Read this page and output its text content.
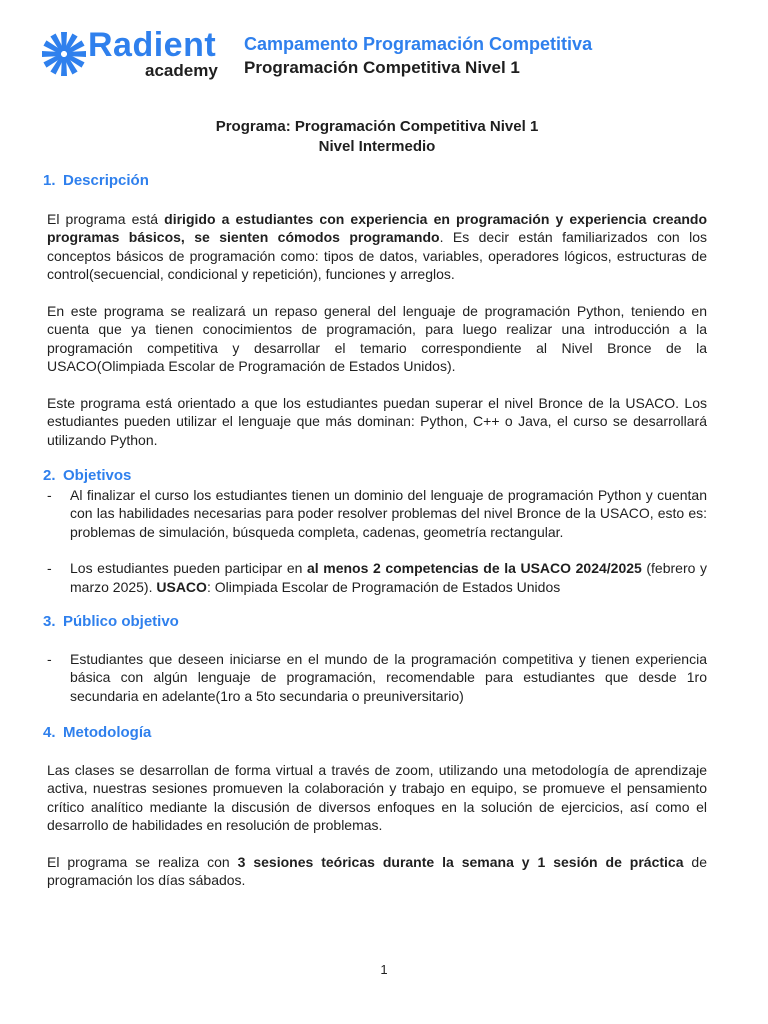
Radient
academy
Campamento Programación Competitiva
Programación Competitiva Nivel 1
Programa: Programación Competitiva Nivel 1
Nivel Intermedio
1. Descripción

El programa está dirigido a estudiantes con experiencia en programación y experiencia creando programas básicos, se sienten cómodos programando. Es decir están familiarizados con los conceptos básicos de programación como: tipos de datos, variables, operadores lógicos, estructuras de control(secuencial, condicional y repetición), funciones y arreglos.

En este programa se realizará un repaso general del lenguaje de programación Python, teniendo en cuenta que ya tienen conocimientos de programación, para luego realizar una introducción a la programación competitiva y desarrollar el temario correspondiente al Nivel Bronce de la USACO(Olimpiada Escolar de Programación de Estados Unidos).

Este programa está orientado a que los estudiantes puedan superar el nivel Bronce de la USACO. Los estudiantes pueden utilizar el lenguaje que más dominan: Python, C++ o Java, el curso se desarrollará utilizando Python.

2. Objetivos
-	Al finalizar el curso los estudiantes tienen un dominio del lenguaje de programación Python y cuentan con las habilidades necesarias para poder resolver problemas del nivel Bronce de la USACO, esto es: problemas de simulación, búsqueda completa, cadenas, geometría rectangular.
-	Los estudiantes pueden participar en al menos 2 competencias de la USACO 2024/2025 (febrero y marzo 2025). USACO: Olimpiada Escolar de Programación de Estados Unidos
3. Público objetivo
-	Estudiantes que deseen iniciarse en el mundo de la programación competitiva y tienen experiencia básica con algún lenguaje de programación, recomendable para estudiantes que desde 1ro secundaria en adelante(1ro a 5to secundaria o preuniversitario)
4. Metodología

Las clases se desarrollan de forma virtual a través de zoom, utilizando una metodología de aprendizaje activa, nuestras sesiones promueven la colaboración y trabajo en equipo, se promueve el pensamiento crítico analítico mediante la discusión de diversos enfoques en la solución de ejercicios, así como el desarrollo de habilidades en resolución de problemas.

El programa se realiza con 3 sesiones teóricas durante la semana y 1 sesión de práctica de programación los días sábados.

1
